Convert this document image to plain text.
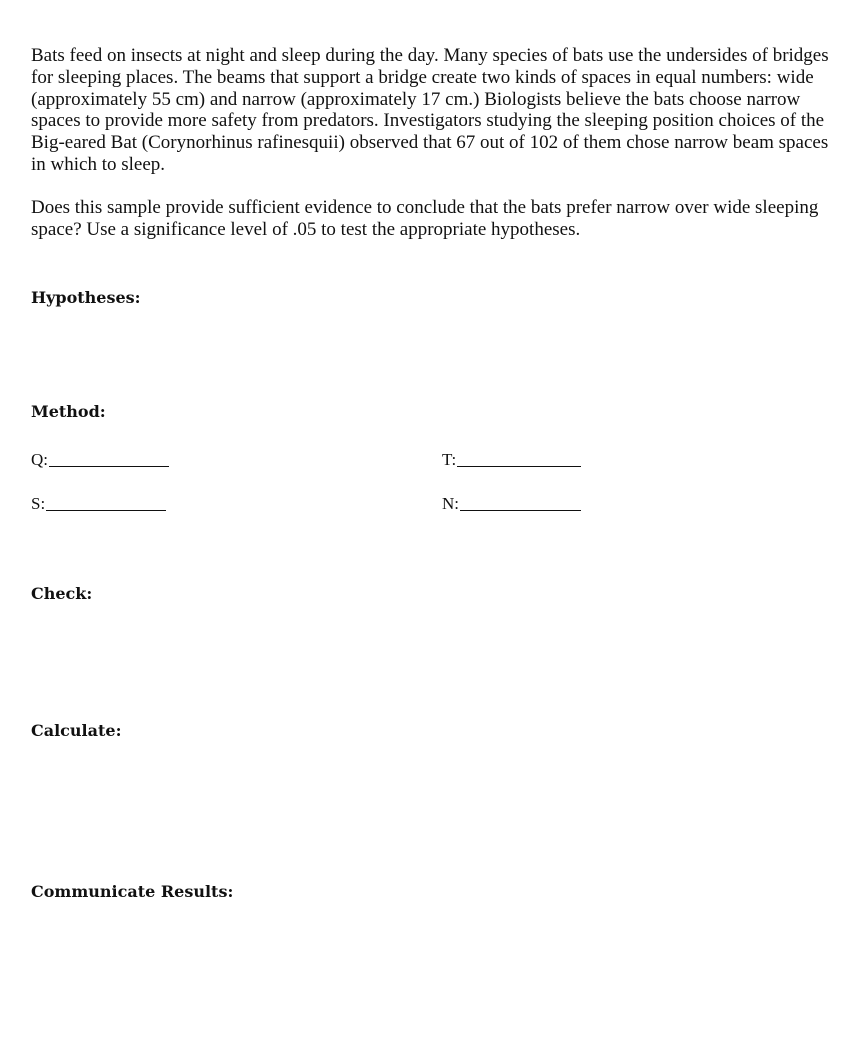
Bats feed on insects at night and sleep during the day. Many species of bats use the undersides of bridges for sleeping places. The beams that support a bridge create two kinds of spaces in equal numbers: wide (approximately 55 cm) and narrow (approximately 17 cm.) Biologists believe the bats choose narrow spaces to provide more safety from predators. Investigators studying the sleeping position choices of the Big-eared Bat (Corynorhinus rafinesquii) observed that 67 out of 102 of them chose narrow beam spaces in which to sleep.

Does this sample provide sufficient evidence to conclude that the bats prefer narrow over wide sleeping space? Use a significance level of .05 to test the appropriate hypotheses.

Hypotheses:
Method:
Q:	T:
S:	N:
Check:
Calculate:
Communicate Results:
